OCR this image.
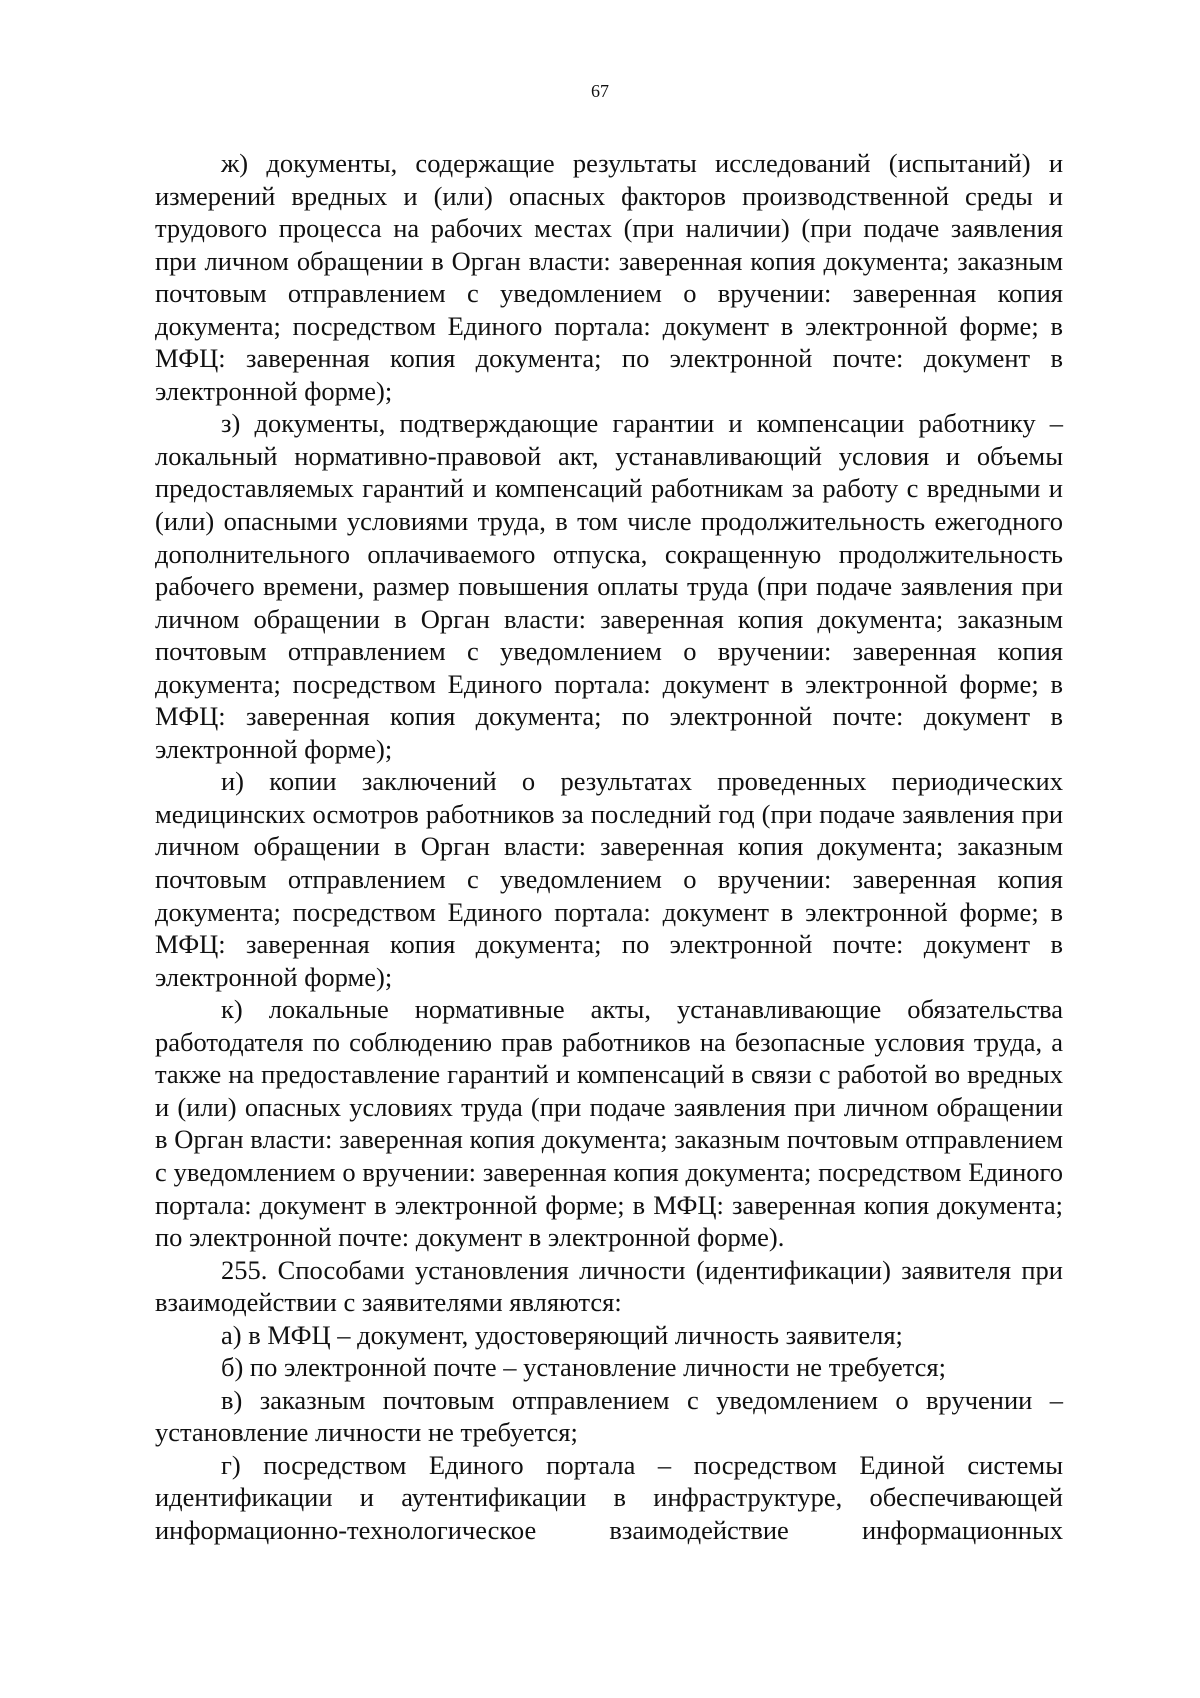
67

ж) документы, содержащие результаты исследований (испытаний) и измерений вредных и (или) опасных факторов производственной среды и трудового процесса на рабочих местах (при наличии) (при подаче заявления при личном обращении в Орган власти: заверенная копия документа; заказным почтовым отправлением с уведомлением о вручении: заверенная копия документа; посредством Единого портала: документ в электронной форме; в МФЦ: заверенная копия документа; по электронной почте: документ в электронной форме);

з) документы, подтверждающие гарантии и компенсации работнику – локальный нормативно-правовой акт, устанавливающий условия и объемы предоставляемых гарантий и компенсаций работникам за работу с вредными и (или) опасными условиями труда, в том числе продолжительность ежегодного дополнительного оплачиваемого отпуска, сокращенную продолжительность рабочего времени, размер повышения оплаты труда (при подаче заявления при личном обращении в Орган власти: заверенная копия документа; заказным почтовым отправлением с уведомлением о вручении: заверенная копия документа; посредством Единого портала: документ в электронной форме; в МФЦ: заверенная копия документа; по электронной почте: документ в электронной форме);

и) копии заключений о результатах проведенных периодических медицинских осмотров работников за последний год (при подаче заявления при личном обращении в Орган власти: заверенная копия документа; заказным почтовым отправлением с уведомлением о вручении: заверенная копия документа; посредством Единого портала: документ в электронной форме; в МФЦ: заверенная копия документа; по электронной почте: документ в электронной форме);

к) локальные нормативные акты, устанавливающие обязательства работодателя по соблюдению прав работников на безопасные условия труда, а также на предоставление гарантий и компенсаций в связи с работой во вредных и (или) опасных условиях труда (при подаче заявления при личном обращении в Орган власти: заверенная копия документа; заказным почтовым отправлением с уведомлением о вручении: заверенная копия документа; посредством Единого портала: документ в электронной форме; в МФЦ: заверенная копия документа; по электронной почте: документ в электронной форме).

255. Способами установления личности (идентификации) заявителя при взаимодействии с заявителями являются:

а) в МФЦ – документ, удостоверяющий личность заявителя;

б) по электронной почте – установление личности не требуется;

в) заказным почтовым отправлением с уведомлением о вручении – установление личности не требуется;

г) посредством Единого портала – посредством Единой системы идентификации и аутентификации в инфраструктуре, обеспечивающей информационно-технологическое взаимодействие информационных
